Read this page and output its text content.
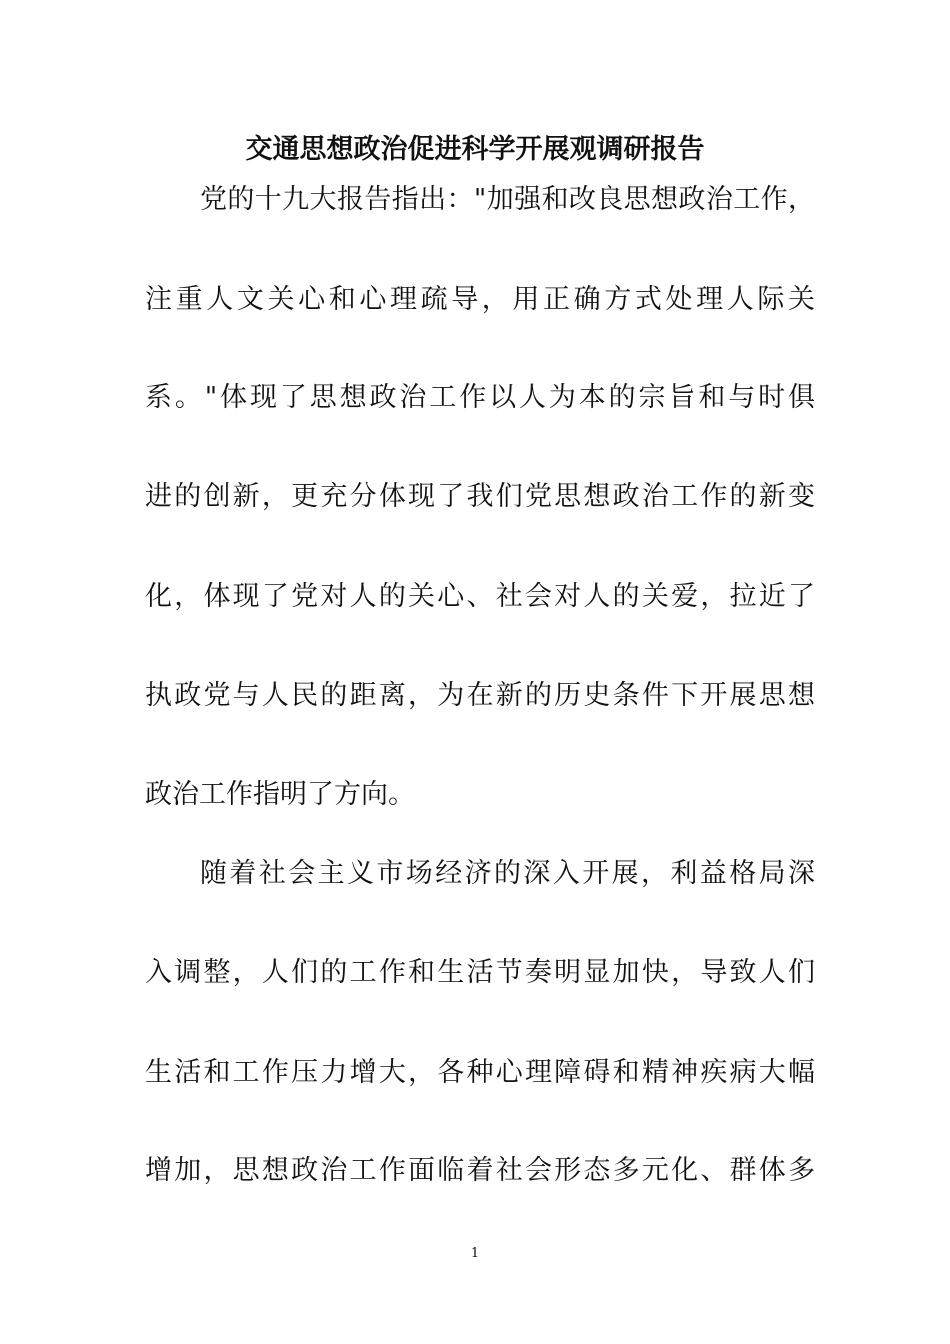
交通思想政治促进科学开展观调研报告
党的十九大报告指出："加强和改良思想政治工作，
注重人文关心和心理疏导，用正确方式处理人际关
系。"体现了思想政治工作以人为本的宗旨和与时俱
进的创新，更充分体现了我们党思想政治工作的新变
化，体现了党对人的关心、社会对人的关爱，拉近了
执政党与人民的距离，为在新的历史条件下开展思想
政治工作指明了方向。
随着社会主义市场经济的深入开展，利益格局深
入调整，人们的工作和生活节奏明显加快，导致人们
生活和工作压力增大，各种心理障碍和精神疾病大幅
增加，思想政治工作面临着社会形态多元化、群体多
1
